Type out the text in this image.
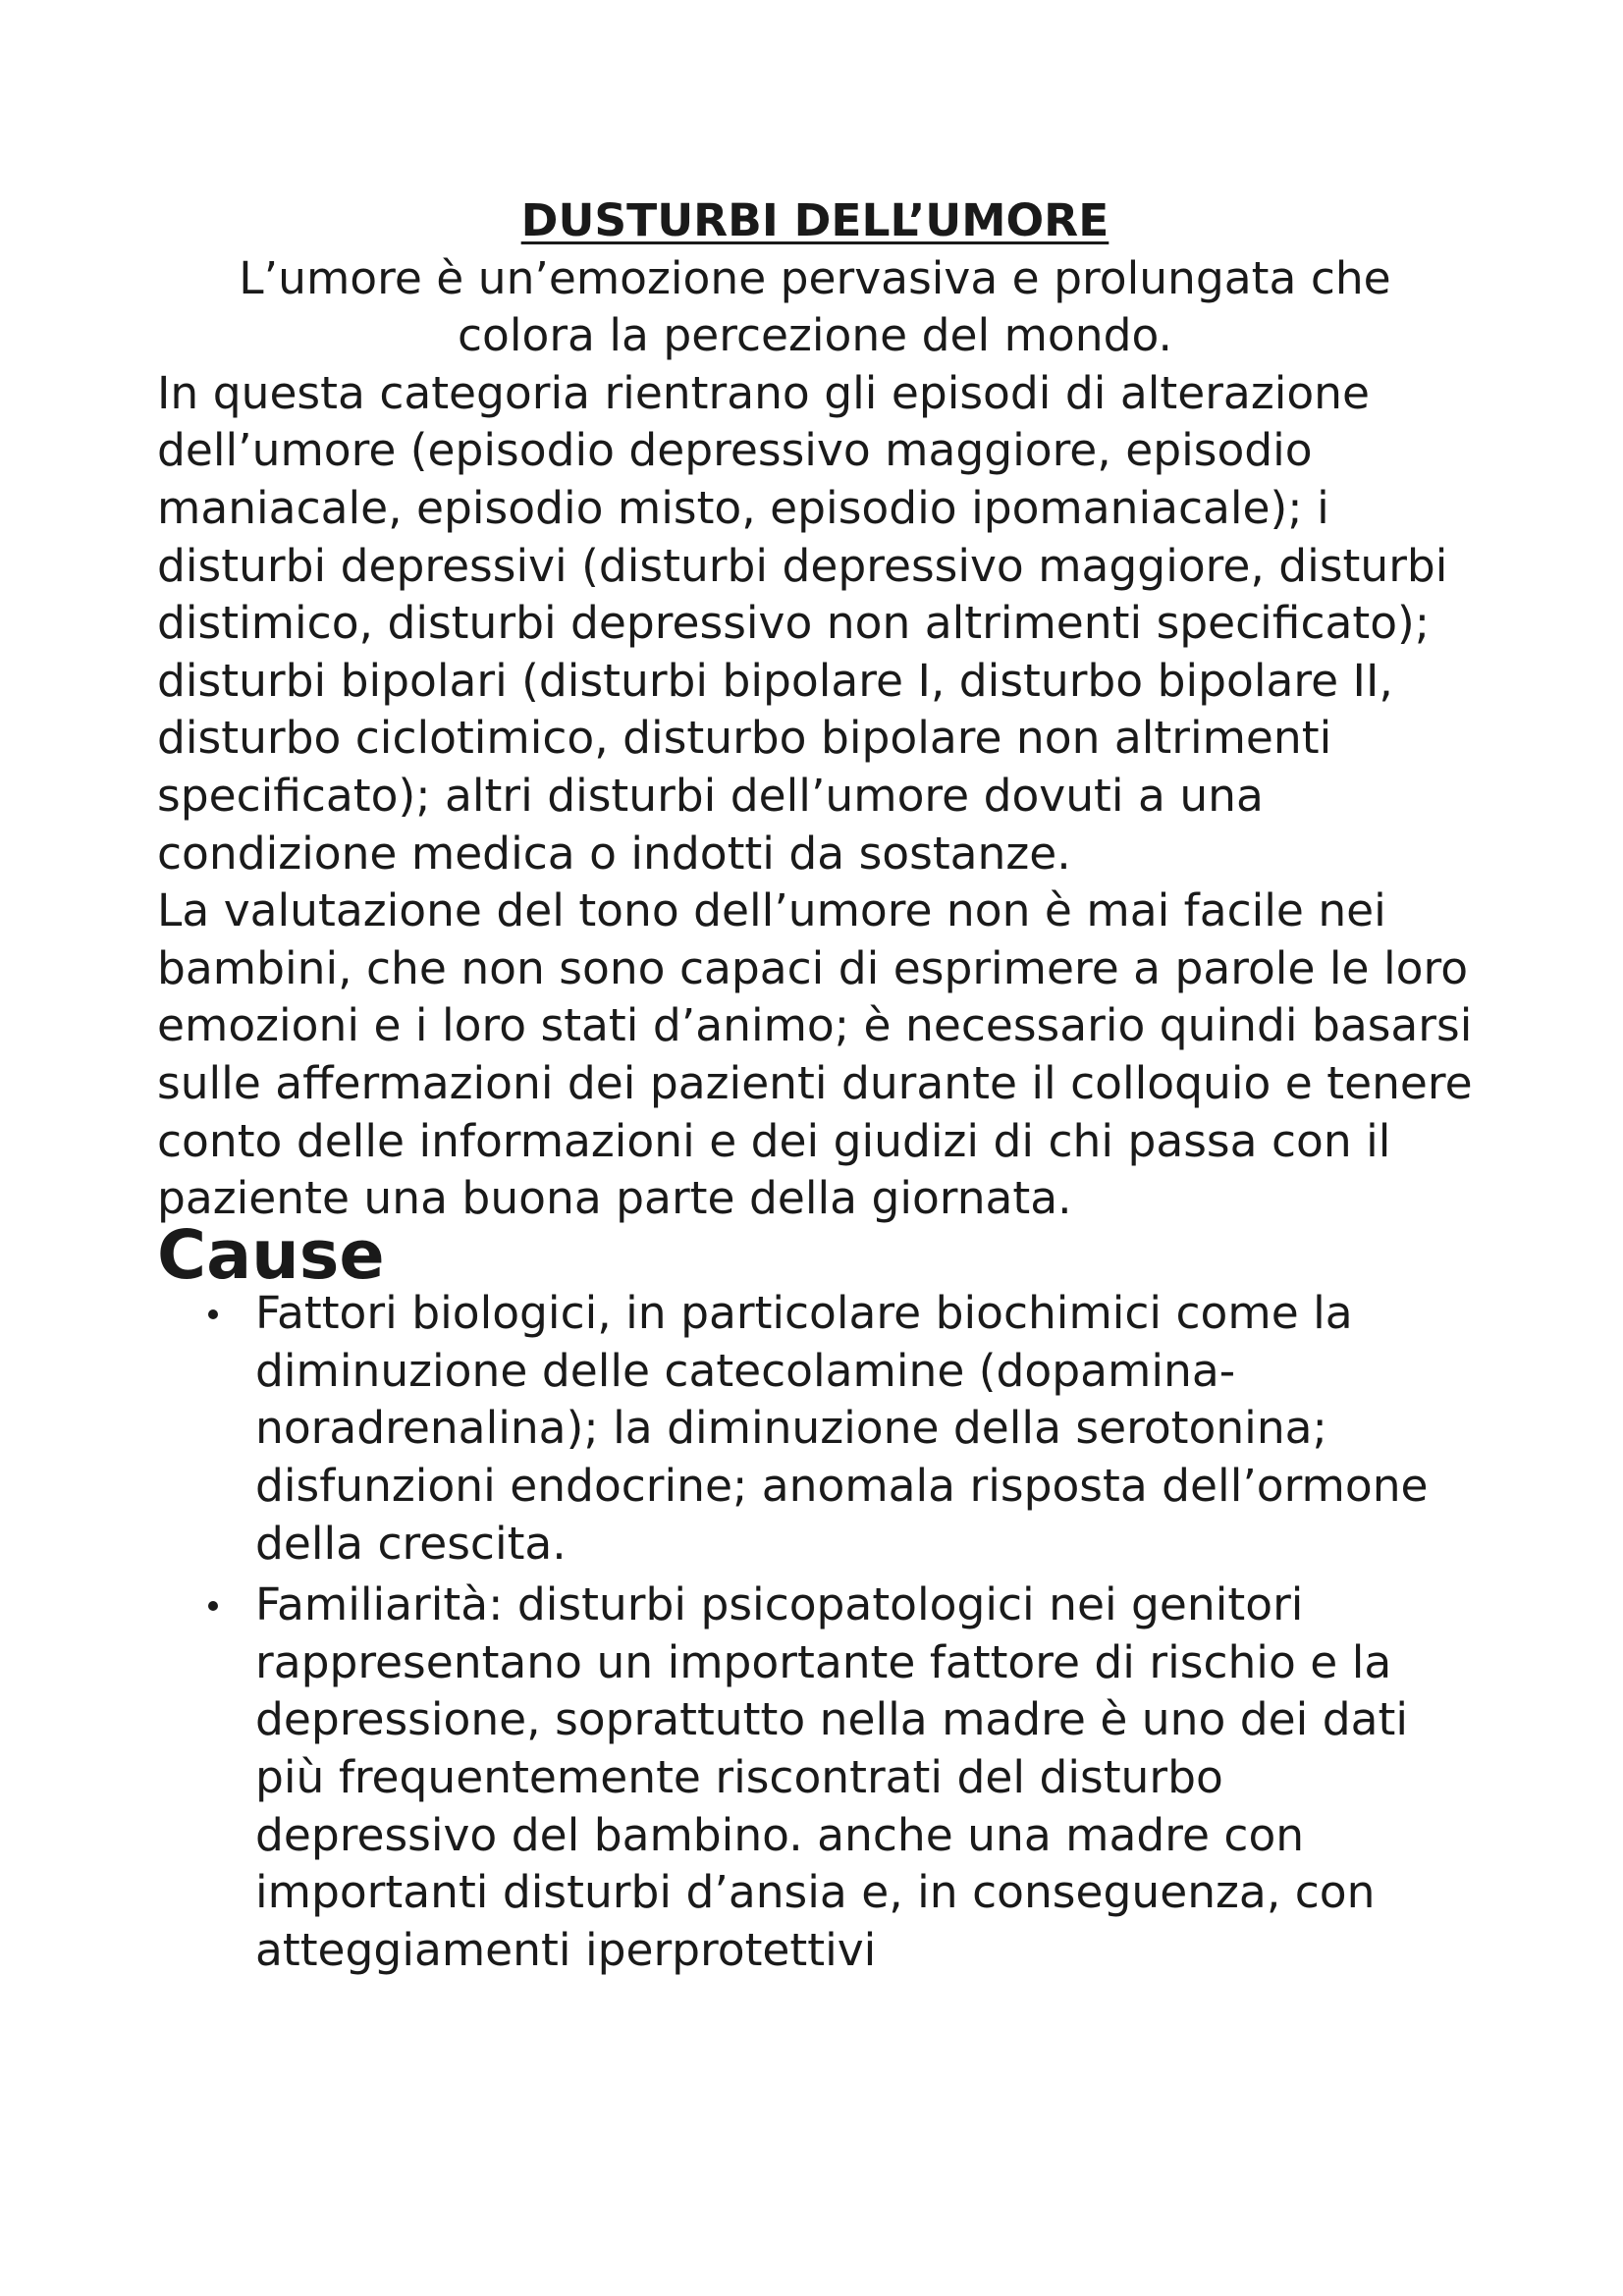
DUSTURBI DELL’UMORE

L’umore è un’emozione pervasiva e prolungata che colora la percezione del mondo.

In questa categoria rientrano gli episodi di alterazione dell’umore (episodio depressivo maggiore, episodio maniacale, episodio misto, episodio ipomaniacale); i disturbi depressivi (disturbi depressivo maggiore, disturbi distimico, disturbi depressivo non altrimenti specificato); disturbi bipolari (disturbi bipolare I, disturbo bipolare II, disturbo ciclotimico, disturbo bipolare non altrimenti specificato); altri disturbi dell’umore dovuti a una condizione medica o indotti da sostanze.

La valutazione del tono dell’umore non è mai facile nei bambini, che non sono capaci di esprimere a parole le loro emozioni e i loro stati d’animo; è necessario quindi basarsi sulle affermazioni dei pazienti durante il colloquio e tenere conto delle informazioni e dei giudizi di chi passa con il paziente una buona parte della giornata.

Cause
Fattori biologici, in particolare biochimici come la diminuzione delle catecolamine (dopamina-noradrenalina); la diminuzione della serotonina; disfunzioni endocrine; anomala risposta dell’ormone della crescita.
Familiarità: disturbi psicopatologici nei genitori rappresentano un importante fattore di rischio e la depressione, soprattutto nella madre è uno dei dati più frequentemente riscontrati del disturbo depressivo del bambino. anche una madre con importanti disturbi d’ansia e, in conseguenza, con atteggiamenti iperprotettivi
